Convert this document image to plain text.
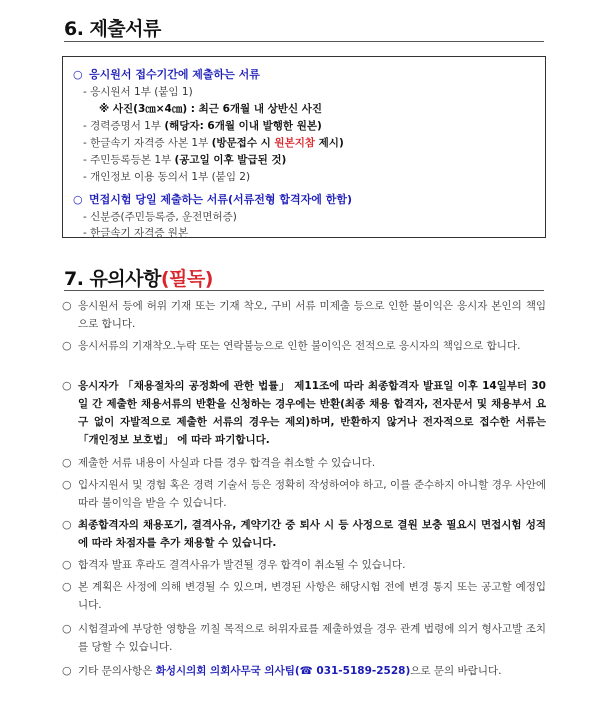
6. 제출서류
○ 응시원서 접수기간에 제출하는 서류
- 응시원서 1부 (붙임 1)
※ 사진(3㎝×4㎝) : 최근 6개월 내 상반신 사진
- 경력증명서 1부 (해당자: 6개월 이내 발행한 원본)
- 한글속기 자격증 사본 1부 (방문접수 시 원본지참 제시)
- 주민등록등본 1부 (공고일 이후 발급된 것)
- 개인정보 이용 동의서 1부 (붙임 2)
○ 면접시험 당일 제출하는 서류(서류전형 합격자에 한함)
- 신분증(주민등록증, 운전면허증)
- 한글속기 자격증 원본
7. 유의사항(필독)
○ 응시원서 등에 허위 기재 또는 기재 착오, 구비 서류 미제출 등으로 인한 불이익은 응시자 본인의 책임으로 합니다.
○ 응시서류의 기재착오.누락 또는 연락불능으로 인한 불이익은 전적으로 응시자의 책임으로 합니다.
○ 응시자가 「채용절차의 공정화에 관한 법률」 제11조에 따라 최종합격자 발표일 이후 14일부터 30일 간 제출한 채용서류의 반환을 신청하는 경우에는 반환(최종 채용 합격자, 전자문서 및 채용부서 요구 없이 자발적으로 제출한 서류의 경우는 제외)하며, 반환하지 않거나 전자적으로 접수한 서류는 「개인정보 보호법」 에 따라 파기합니다.
○ 제출한 서류 내용이 사실과 다를 경우 합격을 취소할 수 있습니다.
○ 입사지원서 및 경험 혹은 경력 기술서 등은 정확히 작성하여야 하고, 이를 준수하지 아니할 경우 사안에 따라 불이익을 받을 수 있습니다.
○ 최종합격자의 채용포기, 결격사유, 계약기간 중 퇴사 시 등 사정으로 결원 보충 필요시 면접시험 성적에 따라 차점자를 추가 채용할 수 있습니다.
○ 합격자 발표 후라도 결격사유가 발견될 경우 합격이 취소될 수 있습니다.
○ 본 계획은 사정에 의해 변경될 수 있으며, 변경된 사항은 해당시험 전에 변경 통지 또는 공고할 예정입니다.
○ 시험결과에 부당한 영향을 끼칠 목적으로 허위자료를 제출하였을 경우 관계 법령에 의거 형사고발 조치를 당할 수 있습니다.
○ 기타 문의사항은 화성시의회 의회사무국 의사팀(☎ 031-5189-2528)으로 문의 바랍니다.
